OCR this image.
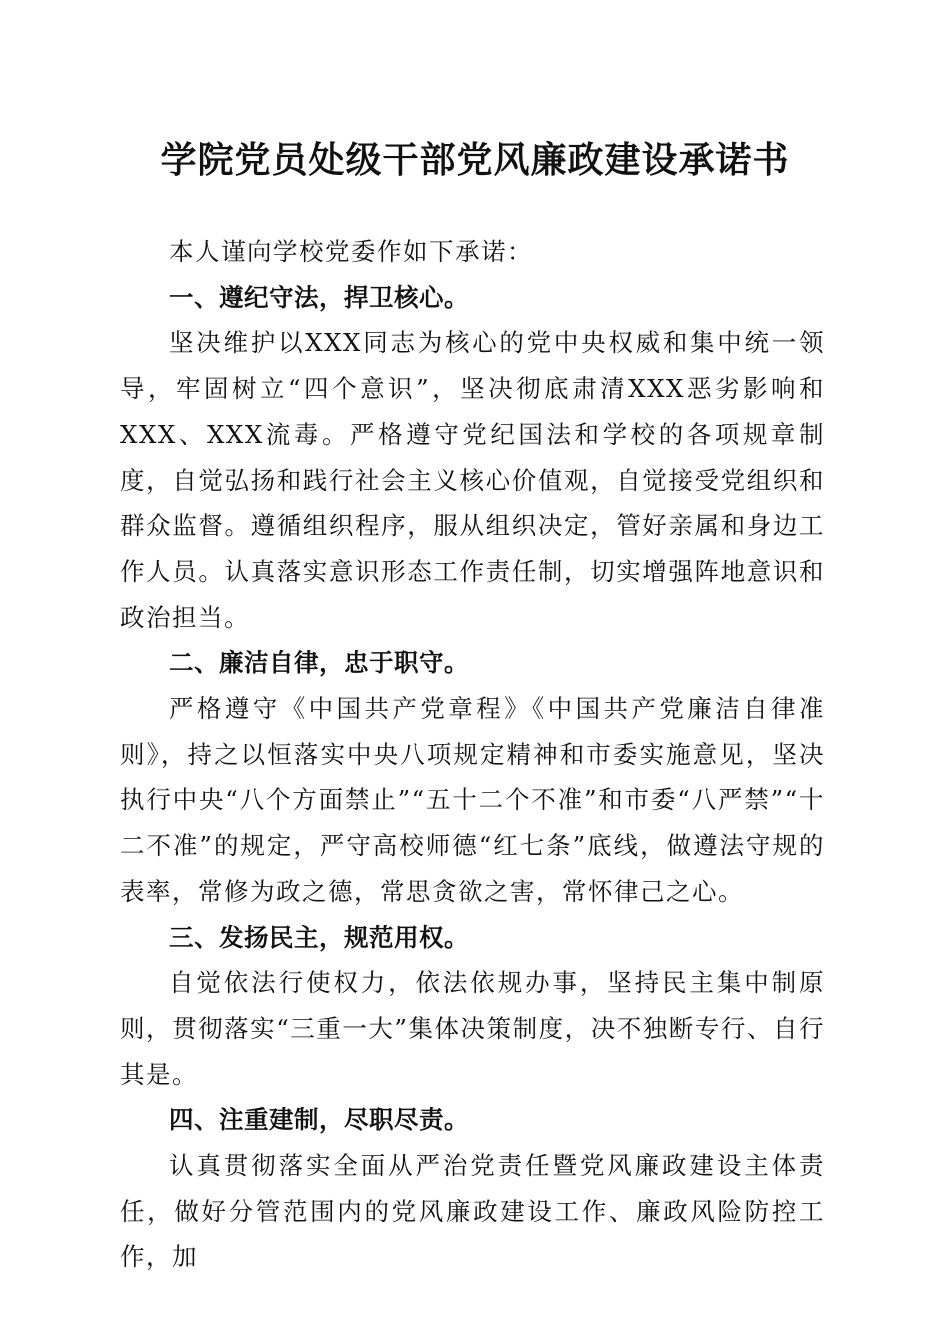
学院党员处级干部党风廉政建设承诺书

本人谨向学校党委作如下承诺：

一、遵纪守法，捍卫核心。

坚决维护以XXX同志为核心的党中央权威和集中统一领导，牢固树立“四个意识”，坚决彻底肃清XXX恶劣影响和XXX、XXX流毒。严格遵守党纪国法和学校的各项规章制度，自觉弘扬和践行社会主义核心价值观，自觉接受党组织和群众监督。遵循组织程序，服从组织决定，管好亲属和身边工作人员。认真落实意识形态工作责任制，切实增强阵地意识和政治担当。

二、廉洁自律，忠于职守。

严格遵守《中国共产党章程》《中国共产党廉洁自律准则》，持之以恒落实中央八项规定精神和市委实施意见，坚决执行中央“八个方面禁止”“五十二个不准”和市委“八严禁”“十二不准”的规定，严守高校师德“红七条”底线，做遵法守规的表率，常修为政之德，常思贪欲之害，常怀律己之心。

三、发扬民主，规范用权。

自觉依法行使权力，依法依规办事，坚持民主集中制原则，贯彻落实“三重一大”集体决策制度，决不独断专行、自行其是。

四、注重建制，尽职尽责。

认真贯彻落实全面从严治党责任暨党风廉政建设主体责任，做好分管范围内的党风廉政建设工作、廉政风险防控工作，加
